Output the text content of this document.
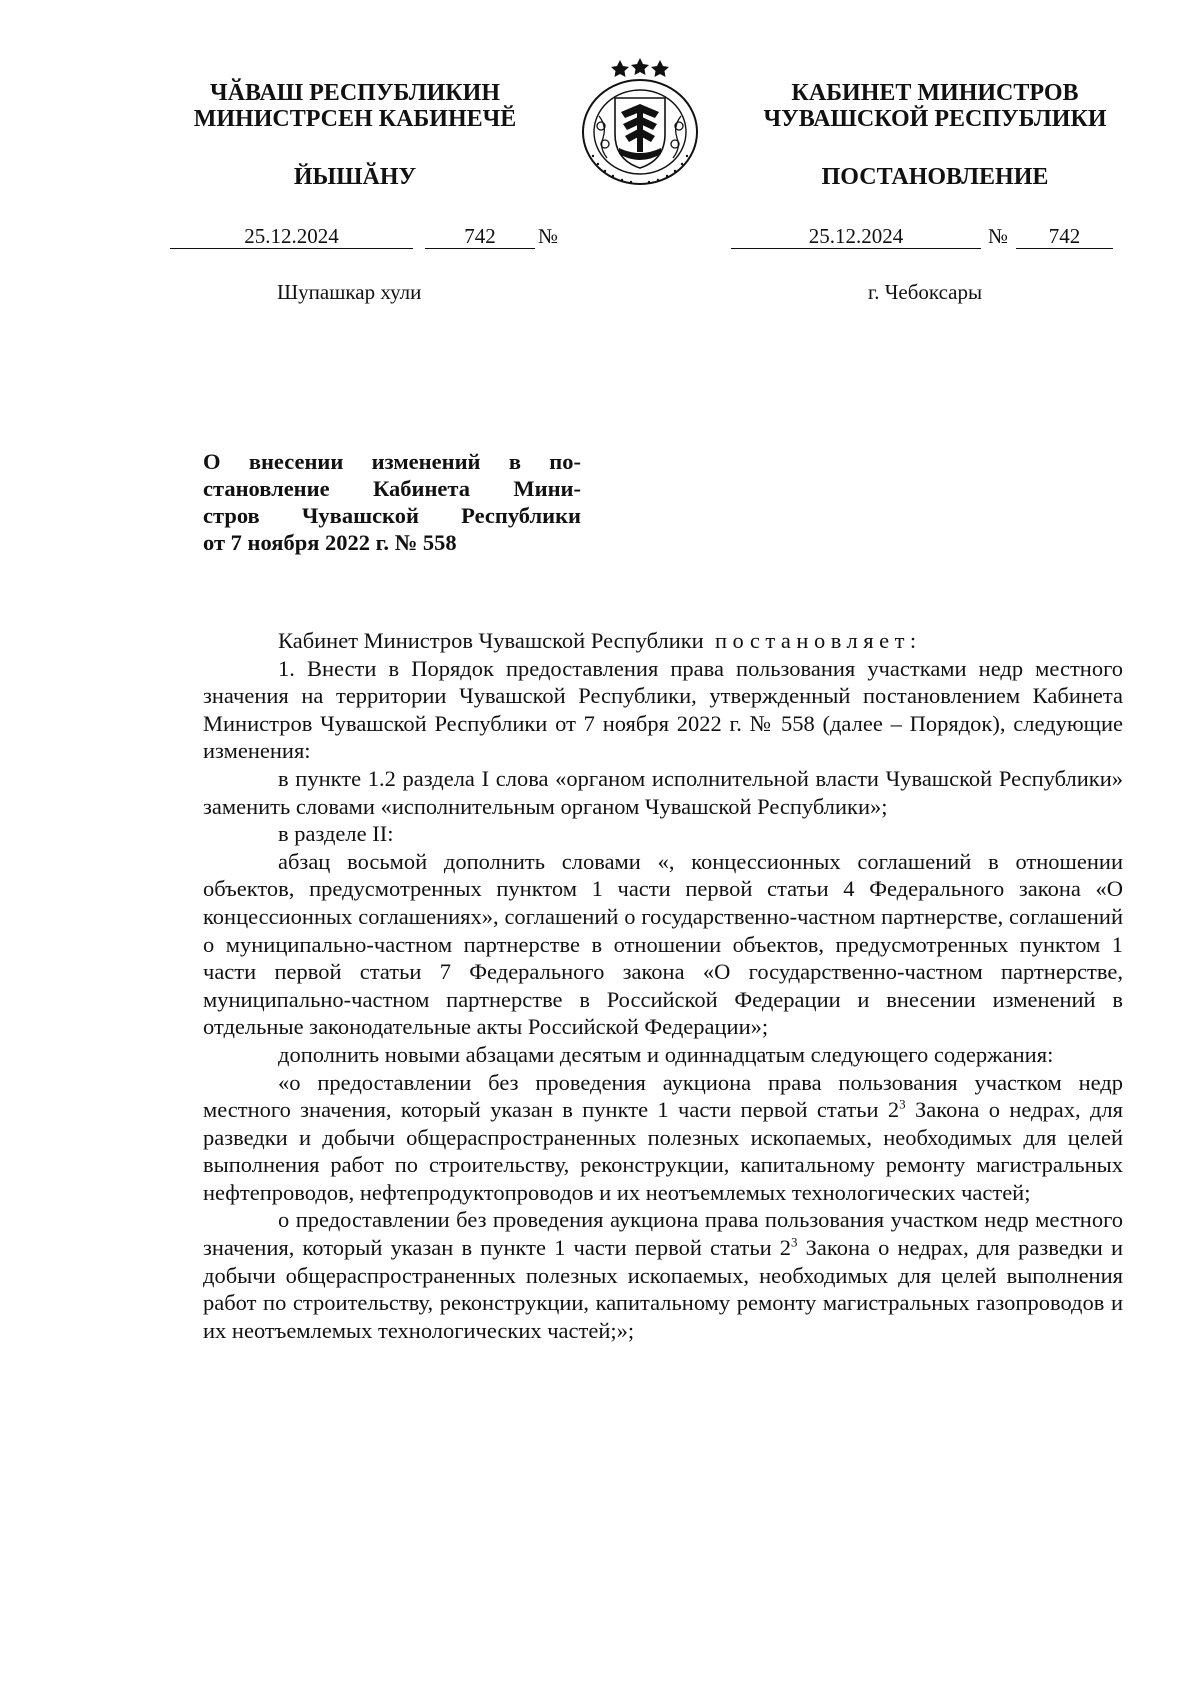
ЧӐВАШ РЕСПУБЛИКИН
МИНИСТРСЕН КАБИНЕЧӖ
ЙЫШӐНУ
КАБИНЕТ МИНИСТРОВ
ЧУВАШСКОЙ РЕСПУБЛИКИ
ПОСТАНОВЛЕНИЕ
25.12.2024	742	№	25.12.2024	№	742
Шупашкар хули	г. Чебоксары
О внесении изменений в по-
становление Кабинета Мини-
стров Чувашской Республики
от 7 ноября 2022 г. № 558

Кабинет Министров Чувашской Республики  постановляет:

1. Внести в Порядок предоставления права пользования участками недр местного значения на территории Чувашской Республики, утвержденный постановлением Кабинета Министров Чувашской Республики от 7 ноября 2022 г. № 558 (далее – Порядок), следующие изменения:

в пункте 1.2 раздела I слова «органом исполнительной власти Чувашской Республики» заменить словами «исполнительным органом Чувашской Республики»;

в разделе II:

абзац восьмой дополнить словами «, концессионных соглашений в отношении объектов, предусмотренных пунктом 1 части первой статьи 4 Федерального закона «О концессионных соглашениях», соглашений о государственно-частном партнерстве, соглашений о муниципально-частном партнерстве в отношении объектов, предусмотренных пунктом 1 части первой статьи 7 Федерального закона «О государственно-частном партнерстве, муниципально-частном партнерстве в Российской Федерации и внесении изменений в отдельные законодательные акты Российской Федерации»;

дополнить новыми абзацами десятым и одиннадцатым следующего содержания:

«о предоставлении без проведения аукциона права пользования участком недр местного значения, который указан в пункте 1 части первой статьи $2^3$ Закона о недрах, для разведки и добычи общераспространенных полезных ископаемых, необходимых для целей выполнения работ по строительству, реконструкции, капитальному ремонту магистральных нефтепроводов, нефтепродуктопроводов и их неотъемлемых технологических частей;

о предоставлении без проведения аукциона права пользования участком недр местного значения, который указан в пункте 1 части первой статьи $2^3$ Закона о недрах, для разведки и добычи общераспространенных полезных ископаемых, необходимых для целей выполнения работ по строительству, реконструкции, капитальному ремонту магистральных газопроводов и их неотъемлемых технологических частей;»;
